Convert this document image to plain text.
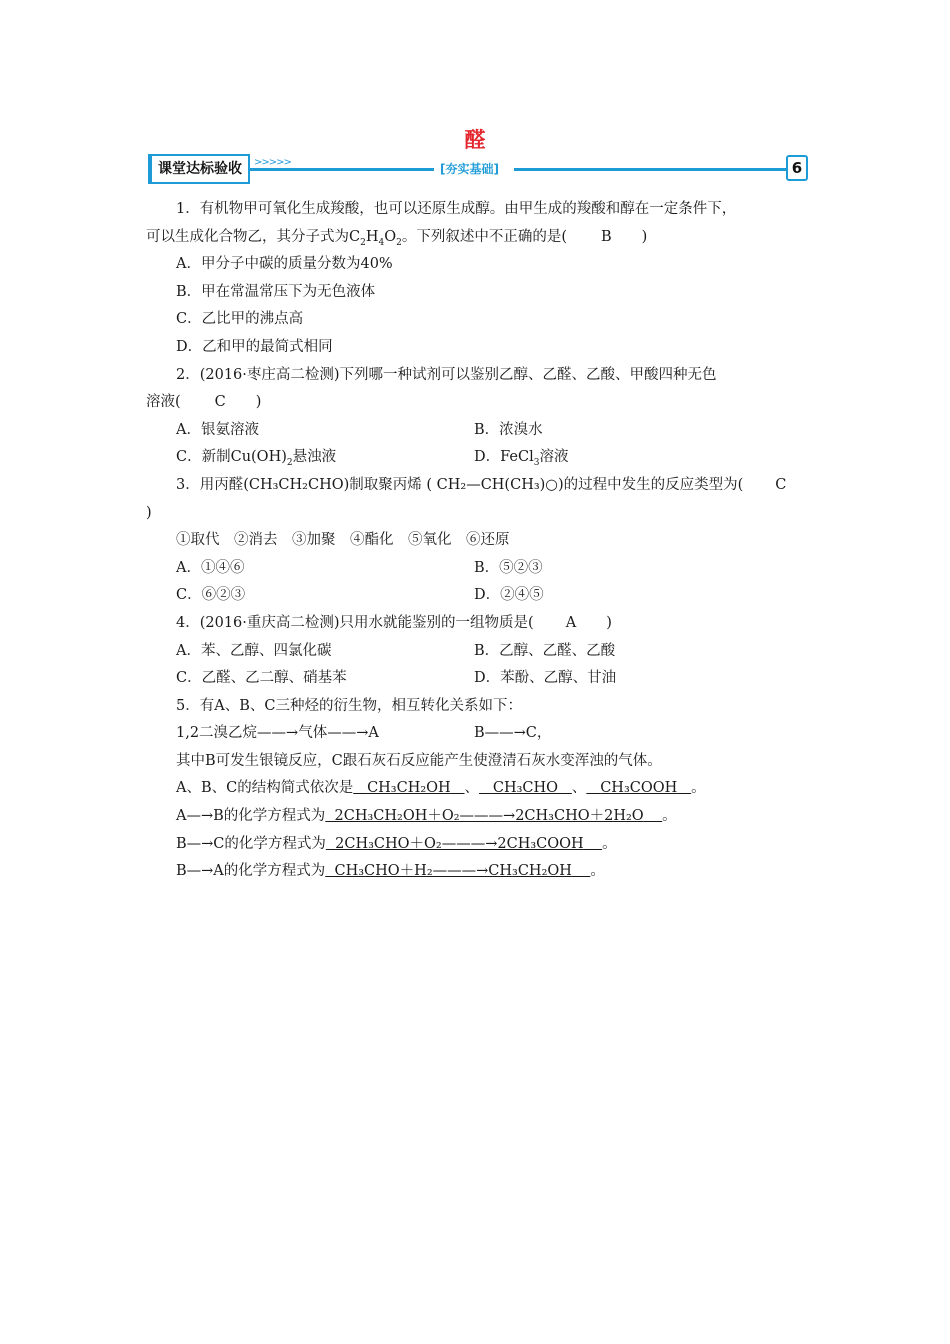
醛
课堂达标验收	>>>>>	[夯实基础]	6
1．有机物甲可氧化生成羧酸，也可以还原生成醇。由甲生成的羧酸和醇在一定条件下，
可以生成化合物乙，其分子式为$C_2H_4O_2$。下列叙述中不正确的是( B )
A．甲分子中碳的质量分数为40%
B．甲在常温常压下为无色液体
C．乙比甲的沸点高
D．乙和甲的最简式相同
2．(2016·枣庄高二检测)下列哪一种试剂可以鉴别乙醇、乙醛、乙酸、甲酸四种无色
溶液( C )
A．银氨溶液	B．浓溴水
C．新制$Cu(OH)_2$悬浊液	D．FeCl$_3$溶液
3．用丙醛(CH₃CH₂CHO)制取聚丙烯 ( CH₂—CH(CH₃)○)的过程中发生的反应类型为( C
)
①取代　②消去　③加聚　④酯化　⑤氧化　⑥还原
A．①④⑥	B．⑤②③
C．⑥②③	D．②④⑤
4．(2016·重庆高二检测)只用水就能鉴别的一组物质是( A )
A．苯、乙醇、四氯化碳	B．乙醇、乙醛、乙酸
C．乙醛、乙二醇、硝基苯	D．苯酚、乙醇、甘油
5．有A、B、C三种烃的衍生物，相互转化关系如下：
1,2二溴乙烷——→气体——→A	B——→C，
其中B可发生银镜反应，C跟石灰石反应能产生使澄清石灰水变浑浊的气体。
A、B、C的结构简式依次是 CH₃CH₂OH 、 CH₃CHO 、 CH₃COOH 。
A—→B的化学方程式为 2CH₃CH₂OH＋O₂———→2CH₃CHO＋2H₂O 。
B—→C的化学方程式为 2CH₃CHO＋O₂———→2CH₃COOH 。
B—→A的化学方程式为 CH₃CHO＋H₂———→CH₃CH₂OH 。
